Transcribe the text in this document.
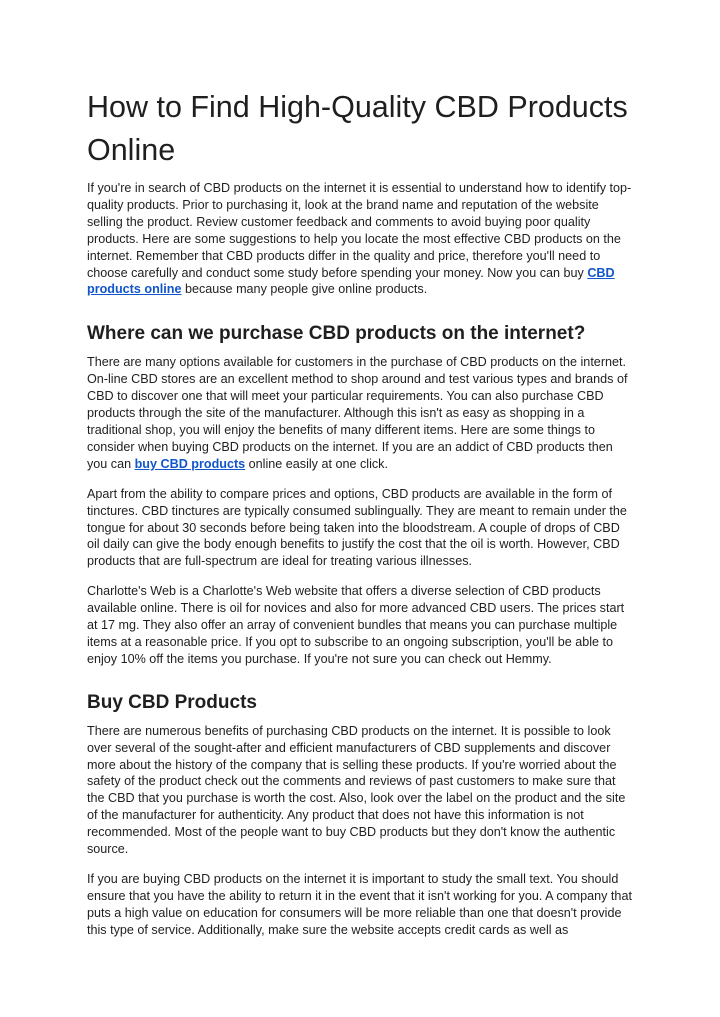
How to Find High-Quality CBD Products Online

If you're in search of CBD products on the internet it is essential to understand how to identify top-quality products. Prior to purchasing it, look at the brand name and reputation of the website selling the product. Review customer feedback and comments to avoid buying poor quality products. Here are some suggestions to help you locate the most effective CBD products on the internet. Remember that CBD products differ in the quality and price, therefore you'll need to choose carefully and conduct some study before spending your money. Now you can buy CBD products online because many people give online products.

Where can we purchase CBD products on the internet?

There are many options available for customers in the purchase of CBD products on the internet. On-line CBD stores are an excellent method to shop around and test various types and brands of CBD to discover one that will meet your particular requirements. You can also purchase CBD products through the site of the manufacturer. Although this isn't as easy as shopping in a traditional shop, you will enjoy the benefits of many different items. Here are some things to consider when buying CBD products on the internet. If you are an addict of CBD products then you can buy CBD products online easily at one click.

Apart from the ability to compare prices and options, CBD products are available in the form of tinctures. CBD tinctures are typically consumed sublingually. They are meant to remain under the tongue for about 30 seconds before being taken into the bloodstream. A couple of drops of CBD oil daily can give the body enough benefits to justify the cost that the oil is worth. However, CBD products that are full-spectrum are ideal for treating various illnesses.

Charlotte's Web is a Charlotte's Web website that offers a diverse selection of CBD products available online. There is oil for novices and also for more advanced CBD users. The prices start at 17 mg. They also offer an array of convenient bundles that means you can purchase multiple items at a reasonable price. If you opt to subscribe to an ongoing subscription, you'll be able to enjoy 10% off the items you purchase. If you're not sure you can check out Hemmy.

Buy CBD Products

There are numerous benefits of purchasing CBD products on the internet. It is possible to look over several of the sought-after and efficient manufacturers of CBD supplements and discover more about the history of the company that is selling these products. If you're worried about the safety of the product check out the comments and reviews of past customers to make sure that the CBD that you purchase is worth the cost. Also, look over the label on the product and the site of the manufacturer for authenticity. Any product that does not have this information is not recommended. Most of the people want to buy CBD products but they don't know the authentic source.

If you are buying CBD products on the internet it is important to study the small text. You should ensure that you have the ability to return it in the event that it isn't working for you. A company that puts a high value on education for consumers will be more reliable than one that doesn't provide this type of service. Additionally, make sure the website accepts credit cards as well as
